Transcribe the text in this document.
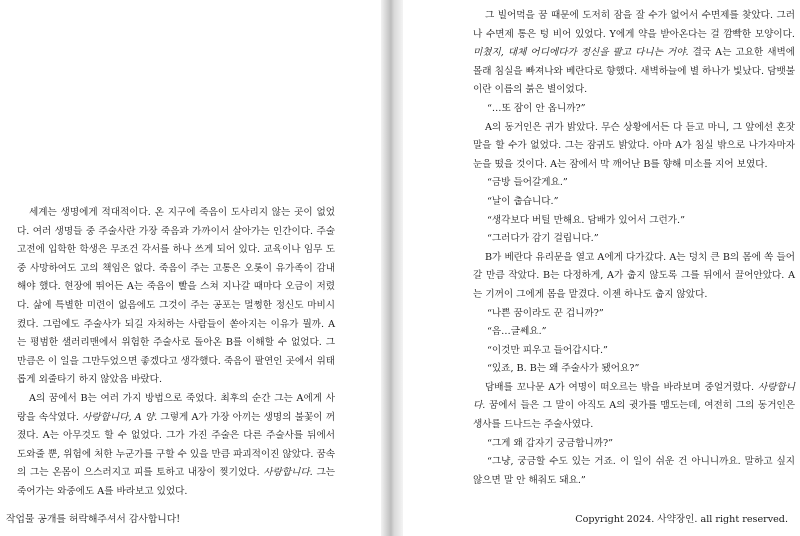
세계는 생명에게 적대적이다. 온 지구에 죽음이 도사리지 않는 곳이 없었다. 여러 생명들 중 주술사란 가장 죽음과 가까이서 살아가는 인간이다. 주술고전에 입학한 학생은 무조건 각서를 하나 쓰게 되어 있다. 교육이나 임무 도중 사망하여도 고의 책임은 없다. 죽음이 주는 고통은 오롯이 유가족이 감내해야 했다. 현장에 뛰어든 A는 죽음이 빨을 스쳐 지나갈 때마다 오금이 저렸다. 삶에 특별한 미련이 없음에도 그것이 주는 공포는 멀쩡한 정신도 마비시켰다. 그럼에도 주술사가 되길 자처하는 사람들이 쏟아지는 이유가 뭘까. A는 평범한 샐러리맨에서 위험한 주술사로 돌아온 B를 이해할 수 없었다. 그만큼은 이 일을 그만두었으면 좋겠다고 생각했다. 죽음이 팔연인 곳에서 위태롭게 외줄타기 하지 않았음 바랐다.

A의 꿈에서 B는 여러 가지 방법으로 죽었다. 최후의 순간 그는 A에게 사랑을 속삭였다. 사랑합니다, A 양. 그렇게 A가 가장 아끼는 생명의 불꽃이 꺼졌다. A는 아무것도 할 수 없었다. 그가 가진 주술은 다른 주술사를 뒤에서 도와줄 뿐, 위험에 처한 누군가를 구할 수 있을 만큼 파괴적이진 않았다. 꿈속의 그는 온몸이 으스러지고 피를 토하고 내장이 찢기었다. 사랑합니다. 그는 죽어가는 와중에도 A를 바라보고 있었다.

작업물 공개를 허락해주셔서 감사합니다!

그 빌어먹을 꿈 때문에 도저히 잠을 잘 수가 없어서 수면제를 찾았다. 그러나 수면제 통은 텅 비어 있었다. Y에게 약을 받아온다는 걸 깜빡한 모양이다. 미쳤지, 대체 어디에다가 정신을 팔고 다니는 거야. 결국 A는 고요한 새벽에 몰래 침실을 빠져나와 베란다로 향했다. 새벽하늘에 별 하나가 빛났다. 담뱃불이란 이름의 붉은 별이었다.

“…또 잠이 안 옵니까?”

A의 동거인은 귀가 밝았다. 무슨 상황에서든 다 듣고 마니, 그 앞에선 혼잣말을 할 수가 없었다. 그는 잠귀도 밝았다. 아마 A가 침실 밖으로 나가자마자 눈을 떴을 것이다. A는 잠에서 막 깨어난 B를 향해 미소를 지어 보였다.

“금방 들어갈게요.”

“날이 춥습니다.”

“생각보다 버틸 만해요. 담배가 있어서 그런가.”

“그러다가 감기 걸립니다.”

B가 베란다 유리문을 열고 A에게 다가갔다. A는 덩치 큰 B의 몸에 쏙 들어갈 만큼 작았다. B는 다정하게, A가 춥지 않도록 그를 뒤에서 끌어안았다. A는 기꺼이 그에게 몸을 맡겼다. 이젠 하나도 춥지 않았다.

“나쁜 꿈이라도 꾼 겁니까?”

“음…글쎄요.”

“이것만 피우고 들어갑시다.”

“있죠, B. B는 왜 주술사가 됐어요?”

담배를 꼬나문 A가 여명이 떠오르는 밖을 바라보며 중얼거렸다. 사랑합니다. 꿈에서 들은 그 말이 아직도 A의 귓가를 맴도는데, 여전히 그의 동거인은 생사를 드나드는 주술사였다.

“그게 왜 갑자기 궁금합니까?”

“그냥, 궁금할 수도 있는 거죠. 이 일이 쉬운 건 아니니까요. 말하고 싶지 않으면 말 안 해줘도 돼요.”

Copyright 2024. 사약장인. all right reserved.
